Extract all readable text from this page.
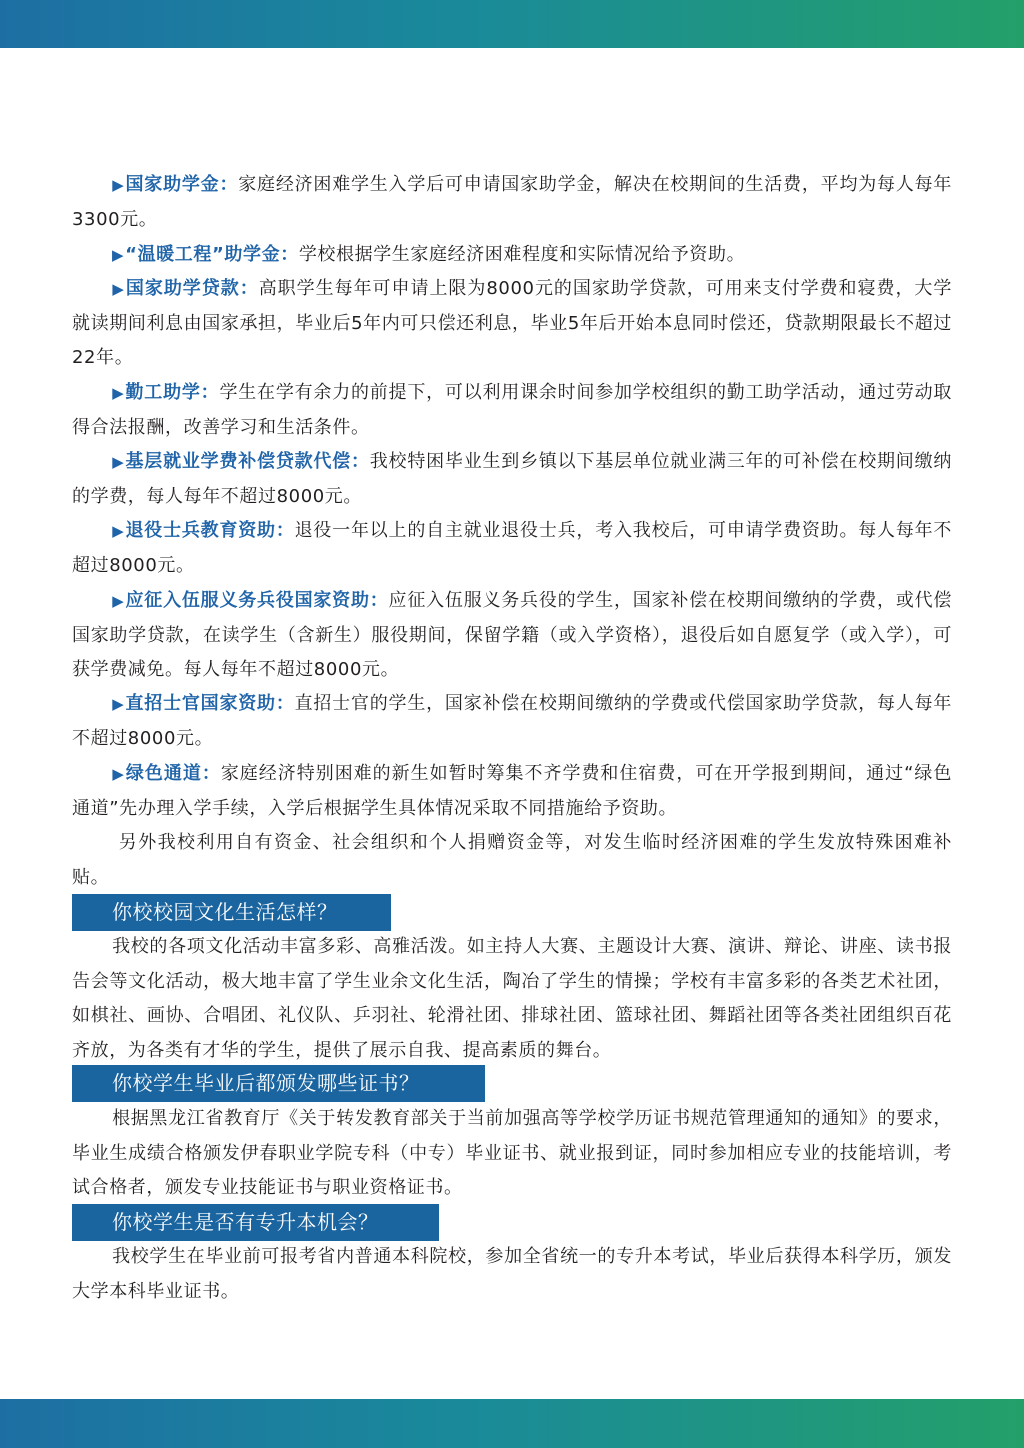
▶国家助学金：家庭经济困难学生入学后可申请国家助学金，解决在校期间的生活费，平均为每人每年3300元。

▶“温暖工程”助学金：学校根据学生家庭经济困难程度和实际情况给予资助。

▶国家助学贷款：高职学生每年可申请上限为8000元的国家助学贷款，可用来支付学费和寝费，大学就读期间利息由国家承担，毕业后5年内可只偿还利息，毕业5年后开始本息同时偿还，贷款期限最长不超过22年。

▶勤工助学：学生在学有余力的前提下，可以利用课余时间参加学校组织的勤工助学活动，通过劳动取得合法报酬，改善学习和生活条件。

▶基层就业学费补偿贷款代偿：我校特困毕业生到乡镇以下基层单位就业满三年的可补偿在校期间缴纳的学费，每人每年不超过8000元。

▶退役士兵教育资助：退役一年以上的自主就业退役士兵，考入我校后，可申请学费资助。每人每年不超过8000元。

▶应征入伍服义务兵役国家资助：应征入伍服义务兵役的学生，国家补偿在校期间缴纳的学费，或代偿国家助学贷款，在读学生（含新生）服役期间，保留学籍（或入学资格），退役后如自愿复学（或入学），可获学费减免。每人每年不超过8000元。

▶直招士官国家资助：直招士官的学生，国家补偿在校期间缴纳的学费或代偿国家助学贷款，每人每年不超过8000元。

▶绿色通道：家庭经济特别困难的新生如暂时筹集不齐学费和住宿费，可在开学报到期间，通过“绿色通道”先办理入学手续，入学后根据学生具体情况采取不同措施给予资助。

另外我校利用自有资金、社会组织和个人捐赠资金等，对发生临时经济困难的学生发放特殊困难补贴。

你校校园文化生活怎样？

我校的各项文化活动丰富多彩、高雅活泼。如主持人大赛、主题设计大赛、演讲、辩论、讲座、读书报告会等文化活动，极大地丰富了学生业余文化生活，陶冶了学生的情操；学校有丰富多彩的各类艺术社团，如棋社、画协、合唱团、礼仪队、乒羽社、轮滑社团、排球社团、篮球社团、舞蹈社团等各类社团组织百花齐放，为各类有才华的学生，提供了展示自我、提高素质的舞台。

你校学生毕业后都颁发哪些证书？

根据黑龙江省教育厅《关于转发教育部关于当前加强高等学校学历证书规范管理通知的通知》的要求，毕业生成绩合格颁发伊春职业学院专科（中专）毕业证书、就业报到证，同时参加相应专业的技能培训，考试合格者，颁发专业技能证书与职业资格证书。

你校学生是否有专升本机会？

我校学生在毕业前可报考省内普通本科院校，参加全省统一的专升本考试，毕业后获得本科学历，颁发大学本科毕业证书。
